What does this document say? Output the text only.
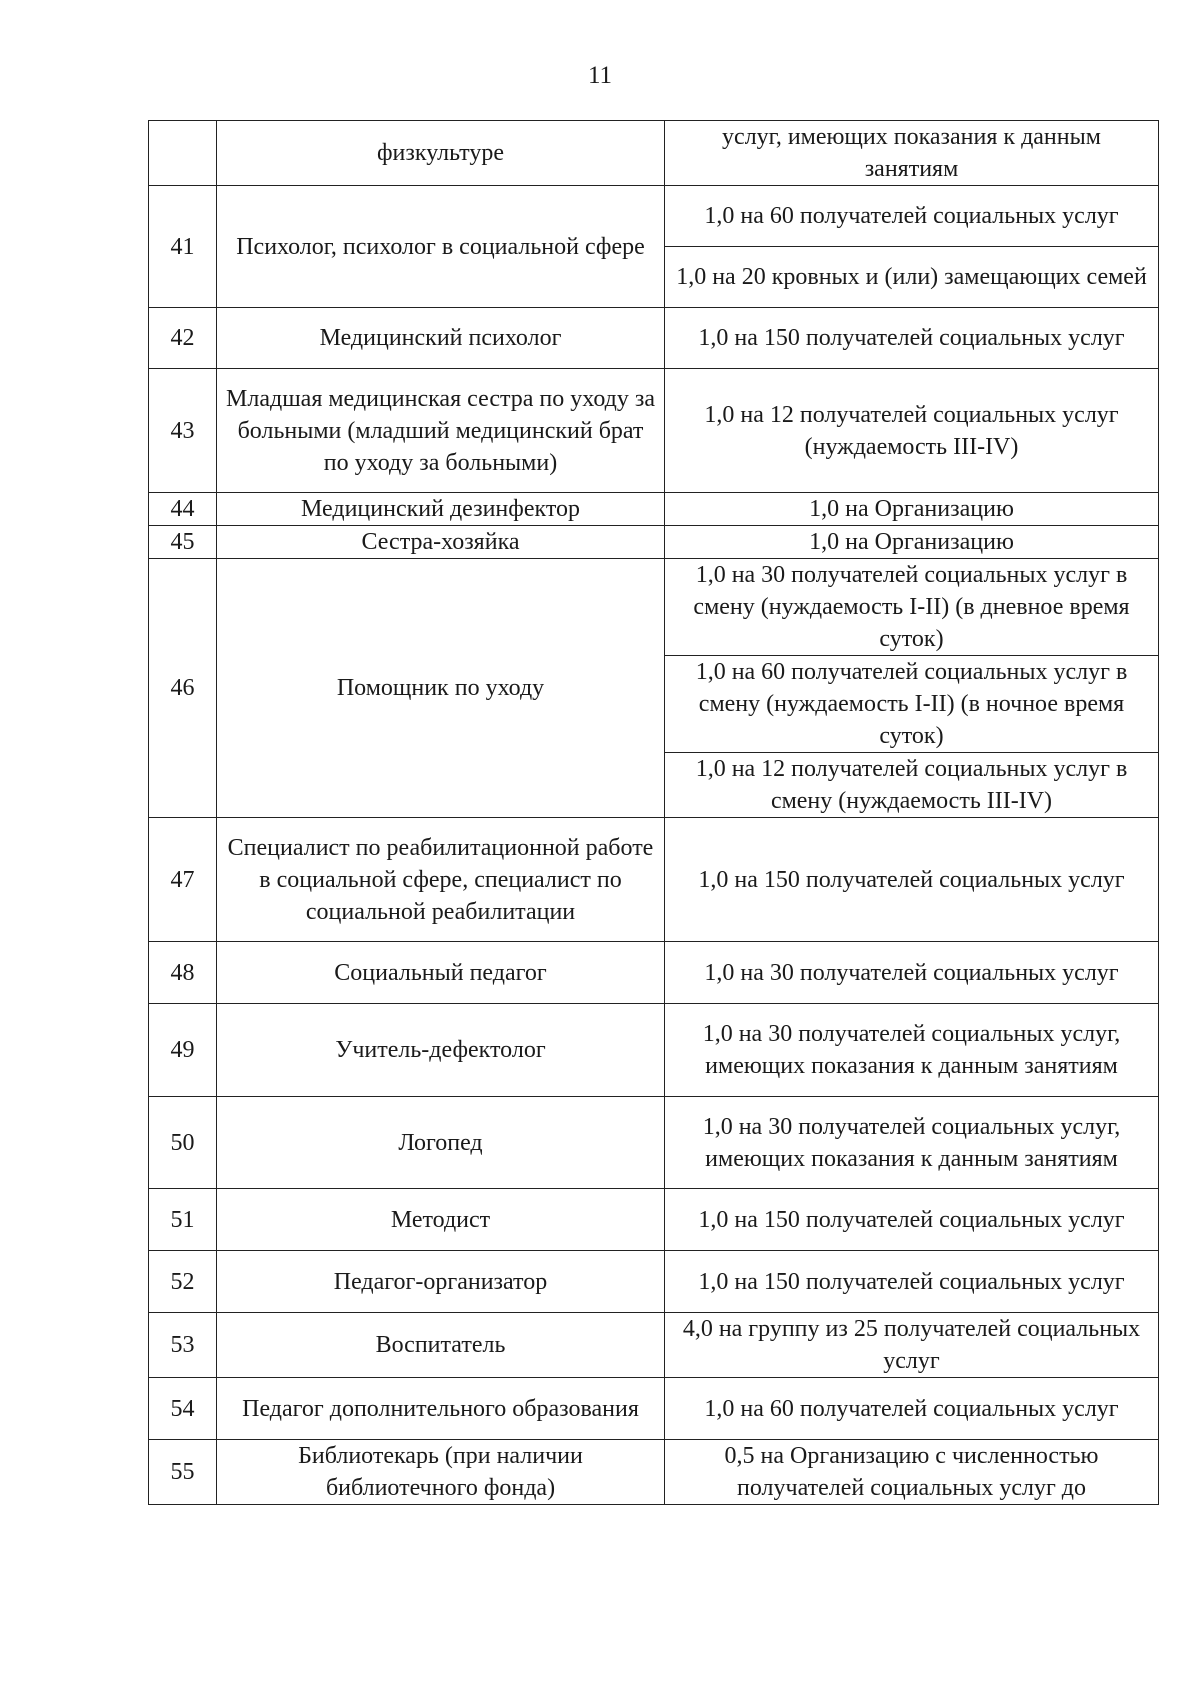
11
	физкультуре	услуг, имеющих показания к данным занятиям
41	Психолог, психолог в социальной сфере	1,0 на 60 получателей социальных услуг
		1,0 на 20 кровных и (или) замещающих семей
42	Медицинский психолог	1,0 на 150 получателей социальных услуг
43	Младшая медицинская сестра по уходу за больными (младший медицинский брат по уходу за больными)	1,0 на 12 получателей социальных услуг (нуждаемость III-IV)
44	Медицинский дезинфектор	1,0 на Организацию
45	Сестра-хозяйка	1,0 на Организацию
46	Помощник по уходу	1,0 на 30 получателей социальных услуг в смену (нуждаемость I-II) (в дневное время суток)
		1,0 на 60 получателей социальных услуг в смену (нуждаемость I-II) (в ночное время суток)
		1,0 на 12 получателей социальных услуг в смену (нуждаемость III-IV)
47	Специалист по реабилитационной работе в социальной сфере, специалист по социальной реабилитации	1,0 на 150 получателей социальных услуг
48	Социальный педагог	1,0 на 30 получателей социальных услуг
49	Учитель-дефектолог	1,0 на 30 получателей социальных услуг, имеющих показания к данным занятиям
50	Логопед	1,0 на 30 получателей социальных услуг, имеющих показания к данным занятиям
51	Методист	1,0 на 150 получателей социальных услуг
52	Педагог-организатор	1,0 на 150 получателей социальных услуг
53	Воспитатель	4,0 на группу из 25 получателей социальных услуг
54	Педагог дополнительного образования	1,0 на 60 получателей социальных услуг
55	Библиотекарь (при наличии библиотечного фонда)	0,5 на Организацию с численностью получателей социальных услуг до
